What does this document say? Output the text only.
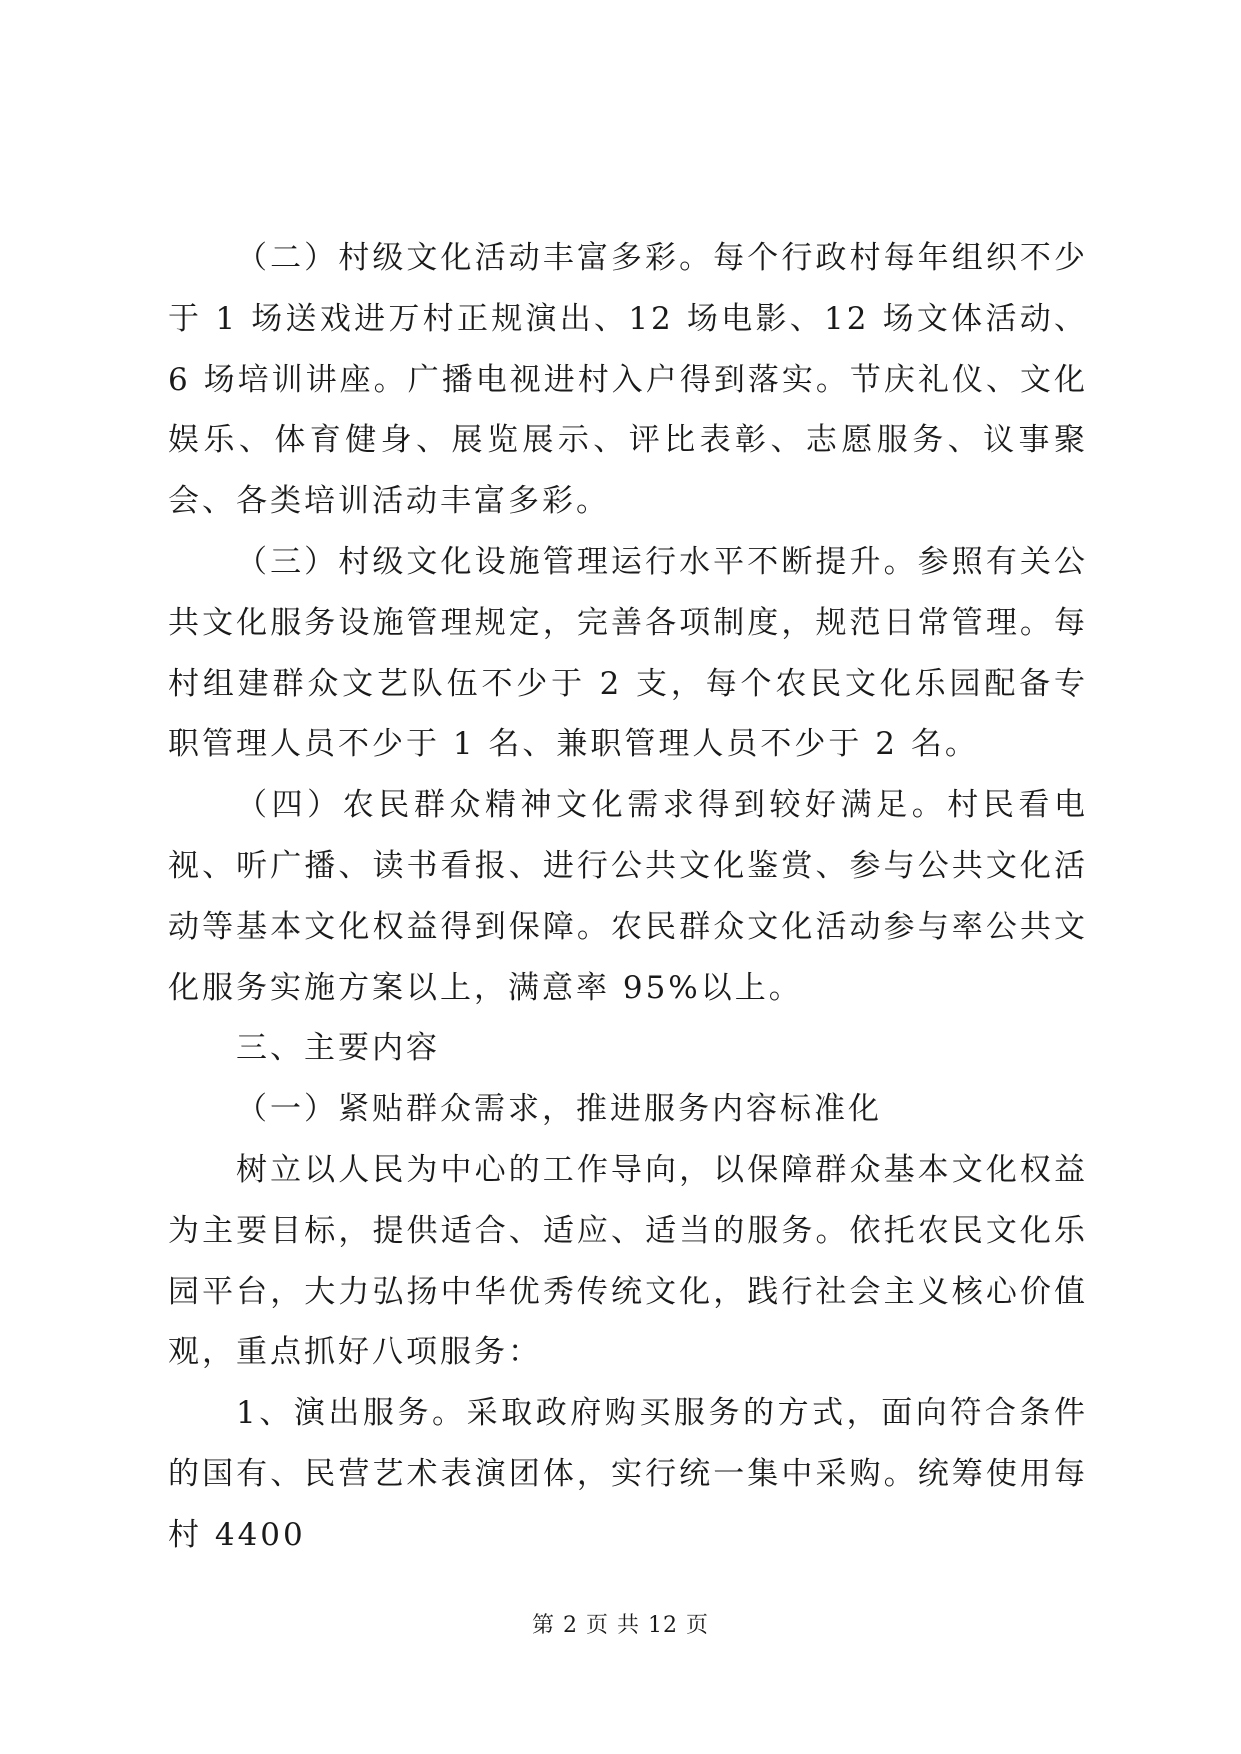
（二）村级文化活动丰富多彩。每个行政村每年组织不少于 1 场送戏进万村正规演出、12 场电影、12 场文体活动、6 场培训讲座。广播电视进村入户得到落实。节庆礼仪、文化娱乐、体育健身、展览展示、评比表彰、志愿服务、议事聚会、各类培训活动丰富多彩。

（三）村级文化设施管理运行水平不断提升。参照有关公共文化服务设施管理规定，完善各项制度，规范日常管理。每村组建群众文艺队伍不少于 2 支，每个农民文化乐园配备专职管理人员不少于 1 名、兼职管理人员不少于 2 名。

（四）农民群众精神文化需求得到较好满足。村民看电视、听广播、读书看报、进行公共文化鉴赏、参与公共文化活动等基本文化权益得到保障。农民群众文化活动参与率公共文化服务实施方案以上，满意率 95%以上。

三、主要内容

（一）紧贴群众需求，推进服务内容标准化

树立以人民为中心的工作导向，以保障群众基本文化权益为主要目标，提供适合、适应、适当的服务。依托农民文化乐园平台，大力弘扬中华优秀传统文化，践行社会主义核心价值观，重点抓好八项服务：

1、演出服务。采取政府购买服务的方式，面向符合条件的国有、民营艺术表演团体，实行统一集中采购。统筹使用每村 4400

第 2 页 共 12 页
